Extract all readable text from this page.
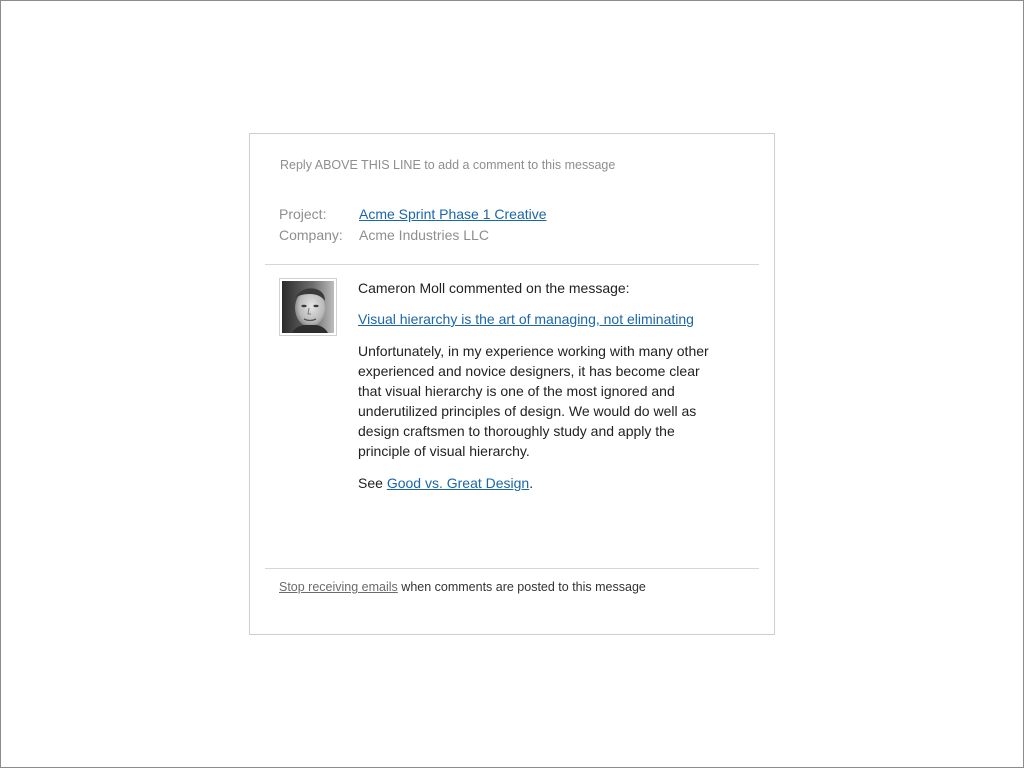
Reply ABOVE THIS LINE to add a comment to this message
Project: Acme Sprint Phase 1 Creative
Company: Acme Industries LLC

Cameron Moll commented on the message:

Visual hierarchy is the art of managing, not eliminating

Unfortunately, in my experience working with many other experienced and novice designers, it has become clear that visual hierarchy is one of the most ignored and underutilized principles of design. We would do well as design craftsmen to thoroughly study and apply the principle of visual hierarchy.

See Good vs. Great Design.

Stop receiving emails when comments are posted to this message
